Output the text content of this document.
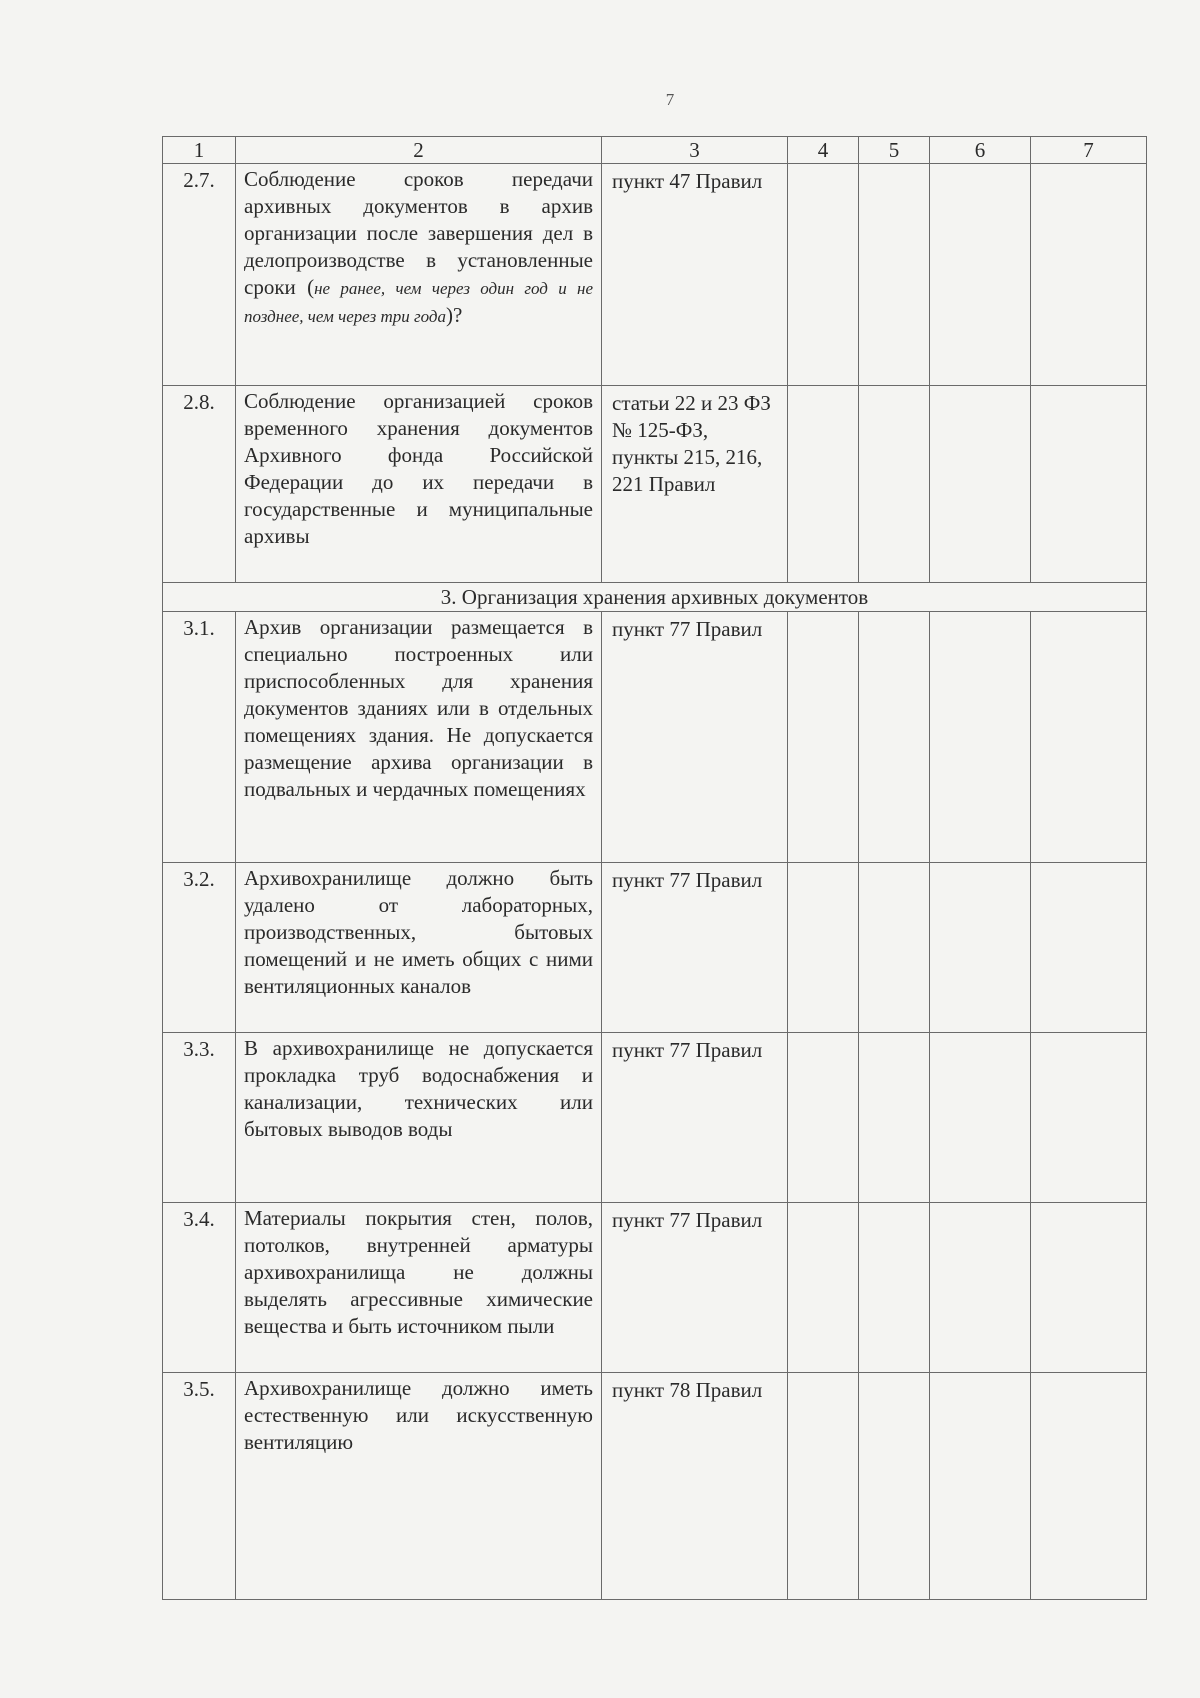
7
1	2	3	4	5	6	7
2.7.	Соблюдение сроков передачи архивных документов в архив организации после завершения дел в делопроизводстве в установленные сроки (не ранее, чем через один год и не позднее, чем через три года)?	пункт 47 Правил				
2.8.	Соблюдение организацией сроков временного хранения документов Архивного фонда Российской Федерации до их передачи в государственные и муниципальные архивы	статьи 22 и 23 ФЗ № 125-ФЗ, пункты 215, 216, 221 Правил				
3. Организация хранения архивных документов						
3.1.	Архив организации размещается в специально построенных или приспособленных для хранения документов зданиях или в отдельных помещениях здания. Не допускается размещение архива организации в подвальных и чердачных помещениях	пункт 77 Правил				
3.2.	Архивохранилище должно быть удалено от лабораторных, производственных, бытовых помещений и не иметь общих с ними вентиляционных каналов	пункт 77 Правил				
3.3.	В архивохранилище не допускается прокладка труб водоснабжения и канализации, технических или бытовых выводов воды	пункт 77 Правил				
3.4.	Материалы покрытия стен, полов, потолков, внутренней арматуры архивохранилища не должны выделять агрессивные химические вещества и быть источником пыли	пункт 77 Правил				
3.5.	Архивохранилище должно иметь естественную или искусственную вентиляцию	пункт 78 Правил				
